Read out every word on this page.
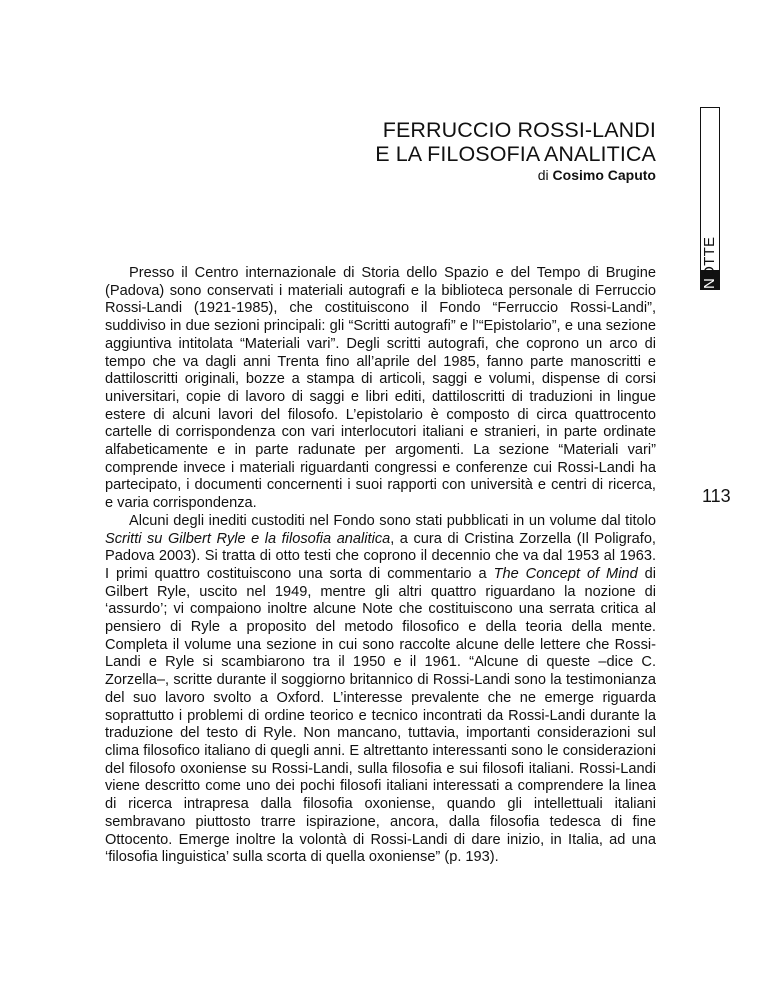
FERRUCCIO ROSSI-LANDI
E LA FILOSOFIA ANALITICA
di Cosimo Caputo
NOTTE
113

Presso il Centro internazionale di Storia dello Spazio e del Tempo di Brugine (Padova) sono conservati i materiali autografi e la biblioteca personale di Ferruccio Rossi-Landi (1921-1985), che costituiscono il Fondo “Ferruccio Rossi-Landi”, suddiviso in due sezioni principali: gli “Scritti autografi” e l’“Epistolario”, e una sezione aggiuntiva intitolata “Materiali vari”. Degli scritti autografi, che coprono un arco di tempo che va dagli anni Trenta fino all’aprile del 1985, fanno parte manoscritti e dattiloscritti originali, bozze a stampa di articoli, saggi e volumi, dispense di corsi universitari, copie di lavoro di saggi e libri editi, dattiloscritti di traduzioni in lingue estere di alcuni lavori del filosofo. L’epistolario è composto di circa quattrocento cartelle di corrispondenza con vari interlocutori italiani e stranieri, in parte ordinate alfabeticamente e in parte radunate per argomenti. La sezione “Materiali vari” comprende invece i materiali riguardanti congressi e conferenze cui Rossi-Landi ha partecipato, i documenti concernenti i suoi rapporti con università e centri di ricerca, e varia corrispondenza.

Alcuni degli inediti custoditi nel Fondo sono stati pubblicati in un volume dal titolo Scritti su Gilbert Ryle e la filosofia analitica, a cura di Cristina Zorzella (Il Poligrafo, Padova 2003). Si tratta di otto testi che coprono il decennio che va dal 1953 al 1963. I primi quattro costituiscono una sorta di commentario a The Concept of Mind di Gilbert Ryle, uscito nel 1949, mentre gli altri quattro riguardano la nozione di ‘assurdo’; vi compaiono inoltre alcune Note che costituiscono una serrata critica al pensiero di Ryle a proposito del metodo filosofico e della teoria della mente. Completa il volume una sezione in cui sono raccolte alcune delle lettere che Rossi-Landi e Ryle si scambiarono tra il 1950 e il 1961. “Alcune di queste –dice C. Zorzella–, scritte durante il soggiorno britannico di Rossi-Landi sono la testimonianza del suo lavoro svolto a Oxford. L’interesse prevalente che ne emerge riguarda soprattutto i problemi di ordine teorico e tecnico incontrati da Rossi-Landi durante la traduzione del testo di Ryle. Non mancano, tuttavia, importanti considerazioni sul clima filosofico italiano di quegli anni. E altrettanto interessanti sono le considerazioni del filosofo oxoniense su Rossi-Landi, sulla filosofia e sui filosofi italiani. Rossi-Landi viene descritto come uno dei pochi filosofi italiani interessati a comprendere la linea di ricerca intrapresa dalla filosofia oxoniense, quando gli intellettuali italiani sembravano piuttosto trarre ispirazione, ancora, dalla filosofia tedesca di fine Ottocento. Emerge inoltre la volontà di Rossi-Landi di dare inizio, in Italia, ad una ‘filosofia linguistica’ sulla scorta di quella oxoniense” (p. 193).
